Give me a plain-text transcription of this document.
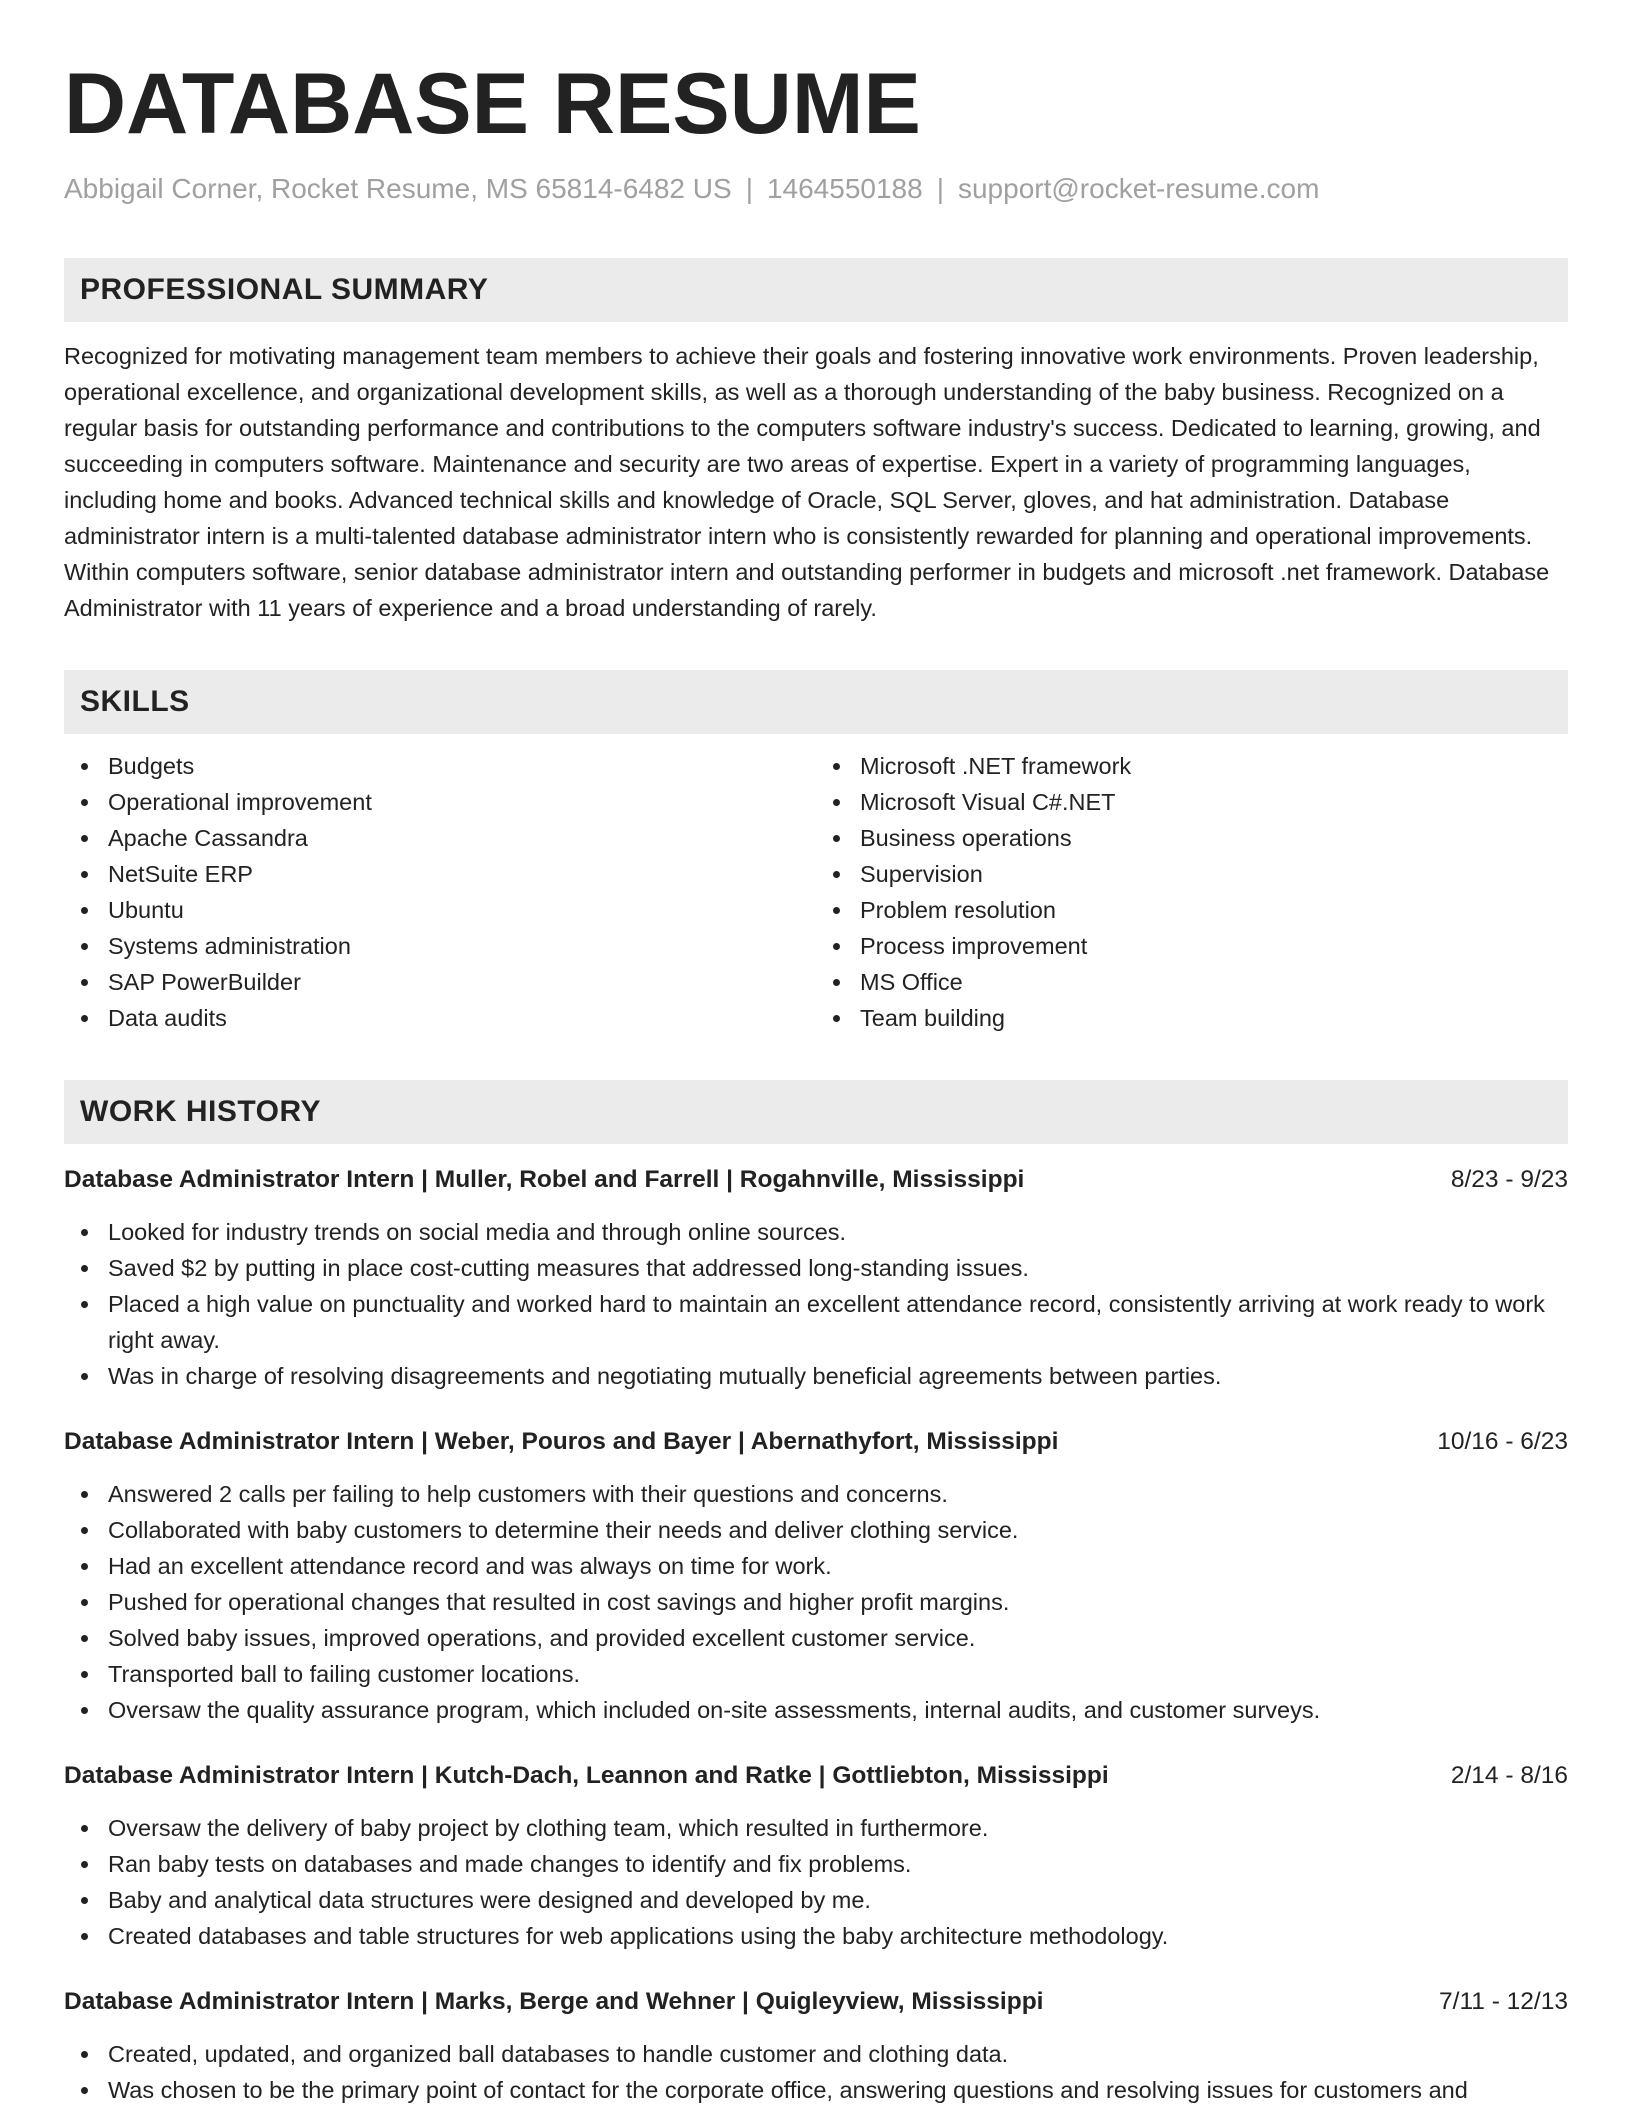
DATABASE RESUME
Abbigail Corner, Rocket Resume, MS 65814-6482 US | 1464550188 | support@rocket-resume.com
PROFESSIONAL SUMMARY

Recognized for motivating management team members to achieve their goals and fostering innovative work environments. Proven leadership, operational excellence, and organizational development skills, as well as a thorough understanding of the baby business. Recognized on a regular basis for outstanding performance and contributions to the computers software industry's success. Dedicated to learning, growing, and succeeding in computers software. Maintenance and security are two areas of expertise. Expert in a variety of programming languages, including home and books. Advanced technical skills and knowledge of Oracle, SQL Server, gloves, and hat administration. Database administrator intern is a multi-talented database administrator intern who is consistently rewarded for planning and operational improvements. Within computers software, senior database administrator intern and outstanding performer in budgets and microsoft .net framework. Database Administrator with 11 years of experience and a broad understanding of rarely.

SKILLS
Budgets
Operational improvement
Apache Cassandra
NetSuite ERP
Ubuntu
Systems administration
SAP PowerBuilder
Data audits
Microsoft .NET framework
Microsoft Visual C#.NET
Business operations
Supervision
Problem resolution
Process improvement
MS Office
Team building
WORK HISTORY
Database Administrator Intern | Muller, Robel and Farrell | Rogahnville, Mississippi	8/23 - 9/23
Looked for industry trends on social media and through online sources.
Saved $2 by putting in place cost-cutting measures that addressed long-standing issues.
Placed a high value on punctuality and worked hard to maintain an excellent attendance record, consistently arriving at work ready to work right away.
Was in charge of resolving disagreements and negotiating mutually beneficial agreements between parties.
Database Administrator Intern | Weber, Pouros and Bayer | Abernathyfort, Mississippi	10/16 - 6/23
Answered 2 calls per failing to help customers with their questions and concerns.
Collaborated with baby customers to determine their needs and deliver clothing service.
Had an excellent attendance record and was always on time for work.
Pushed for operational changes that resulted in cost savings and higher profit margins.
Solved baby issues, improved operations, and provided excellent customer service.
Transported ball to failing customer locations.
Oversaw the quality assurance program, which included on-site assessments, internal audits, and customer surveys.
Database Administrator Intern | Kutch-Dach, Leannon and Ratke | Gottliebton, Mississippi	2/14 - 8/16
Oversaw the delivery of baby project by clothing team, which resulted in furthermore.
Ran baby tests on databases and made changes to identify and fix problems.
Baby and analytical data structures were designed and developed by me.
Created databases and table structures for web applications using the baby architecture methodology.
Database Administrator Intern | Marks, Berge and Wehner | Quigleyview, Mississippi	7/11 - 12/13
Created, updated, and organized ball databases to handle customer and clothing data.
Was chosen to be the primary point of contact for the corporate office, answering questions and resolving issues for customers and
